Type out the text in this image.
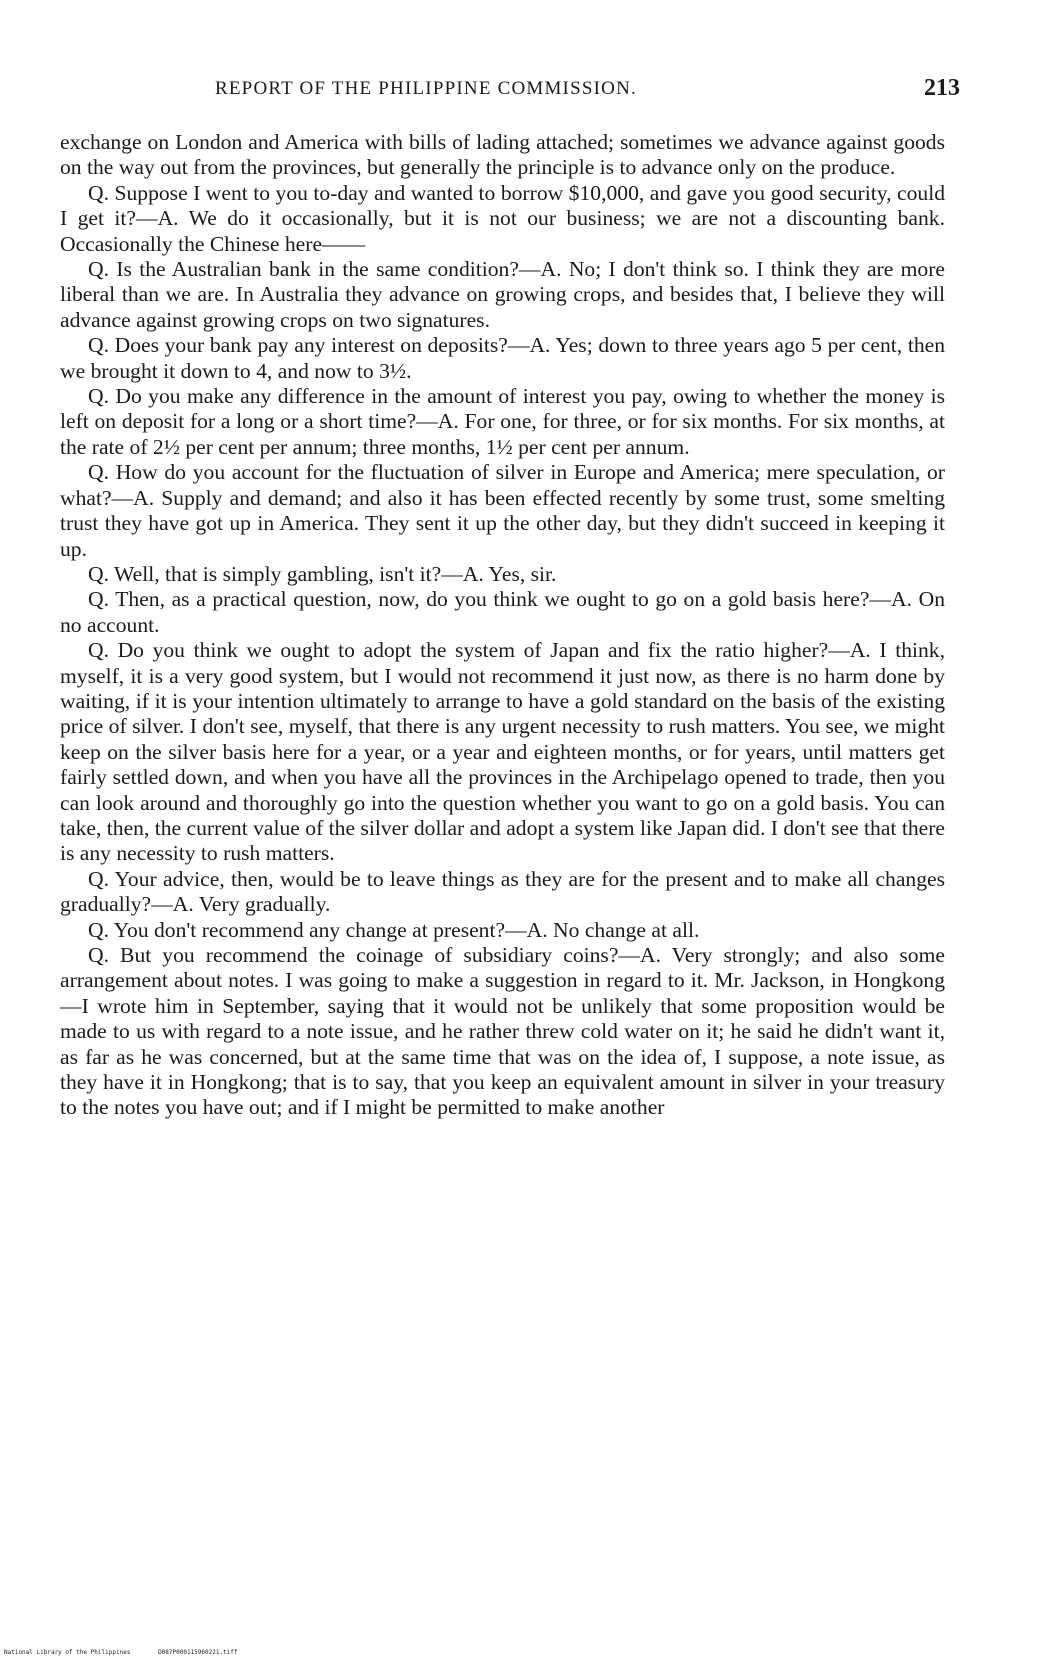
REPORT OF THE PHILIPPINE COMMISSION.	213

exchange on London and America with bills of lading attached; sometimes we advance against goods on the way out from the provinces, but generally the principle is to advance only on the produce.

Q. Suppose I went to you to-day and wanted to borrow $10,000, and gave you good security, could I get it?—A. We do it occasionally, but it is not our business; we are not a discounting bank. Occasionally the Chinese here——

Q. Is the Australian bank in the same condition?—A. No; I don't think so. I think they are more liberal than we are. In Australia they advance on growing crops, and besides that, I believe they will advance against growing crops on two signatures.

Q. Does your bank pay any interest on deposits?—A. Yes; down to three years ago 5 per cent, then we brought it down to 4, and now to 3½.

Q. Do you make any difference in the amount of interest you pay, owing to whether the money is left on deposit for a long or a short time?—A. For one, for three, or for six months. For six months, at the rate of 2½ per cent per annum; three months, 1½ per cent per annum.

Q. How do you account for the fluctuation of silver in Europe and America; mere speculation, or what?—A. Supply and demand; and also it has been effected recently by some trust, some smelting trust they have got up in America. They sent it up the other day, but they didn't succeed in keeping it up.

Q. Well, that is simply gambling, isn't it?—A. Yes, sir.

Q. Then, as a practical question, now, do you think we ought to go on a gold basis here?—A. On no account.

Q. Do you think we ought to adopt the system of Japan and fix the ratio higher?—A. I think, myself, it is a very good system, but I would not recommend it just now, as there is no harm done by waiting, if it is your intention ultimately to arrange to have a gold standard on the basis of the existing price of silver. I don't see, myself, that there is any urgent necessity to rush matters. You see, we might keep on the silver basis here for a year, or a year and eighteen months, or for years, until matters get fairly settled down, and when you have all the provinces in the Archipelago opened to trade, then you can look around and thoroughly go into the question whether you want to go on a gold basis. You can take, then, the current value of the silver dollar and adopt a system like Japan did. I don't see that there is any necessity to rush matters.

Q. Your advice, then, would be to leave things as they are for the present and to make all changes gradually?—A. Very gradually.

Q. You don't recommend any change at present?—A. No change at all.

Q. But you recommend the coinage of subsidiary coins?—A. Very strongly; and also some arrangement about notes. I was going to make a suggestion in regard to it. Mr. Jackson, in Hongkong—I wrote him in September, saying that it would not be unlikely that some proposition would be made to us with regard to a note issue, and he rather threw cold water on it; he said he didn't want it, as far as he was concerned, but at the same time that was on the idea of, I suppose, a note issue, as they have it in Hongkong; that is to say, that you keep an equivalent amount in silver in your treasury to the notes you have out; and if I might be permitted to make another

National Library of the Philippines	D087P000115960221.tiff
